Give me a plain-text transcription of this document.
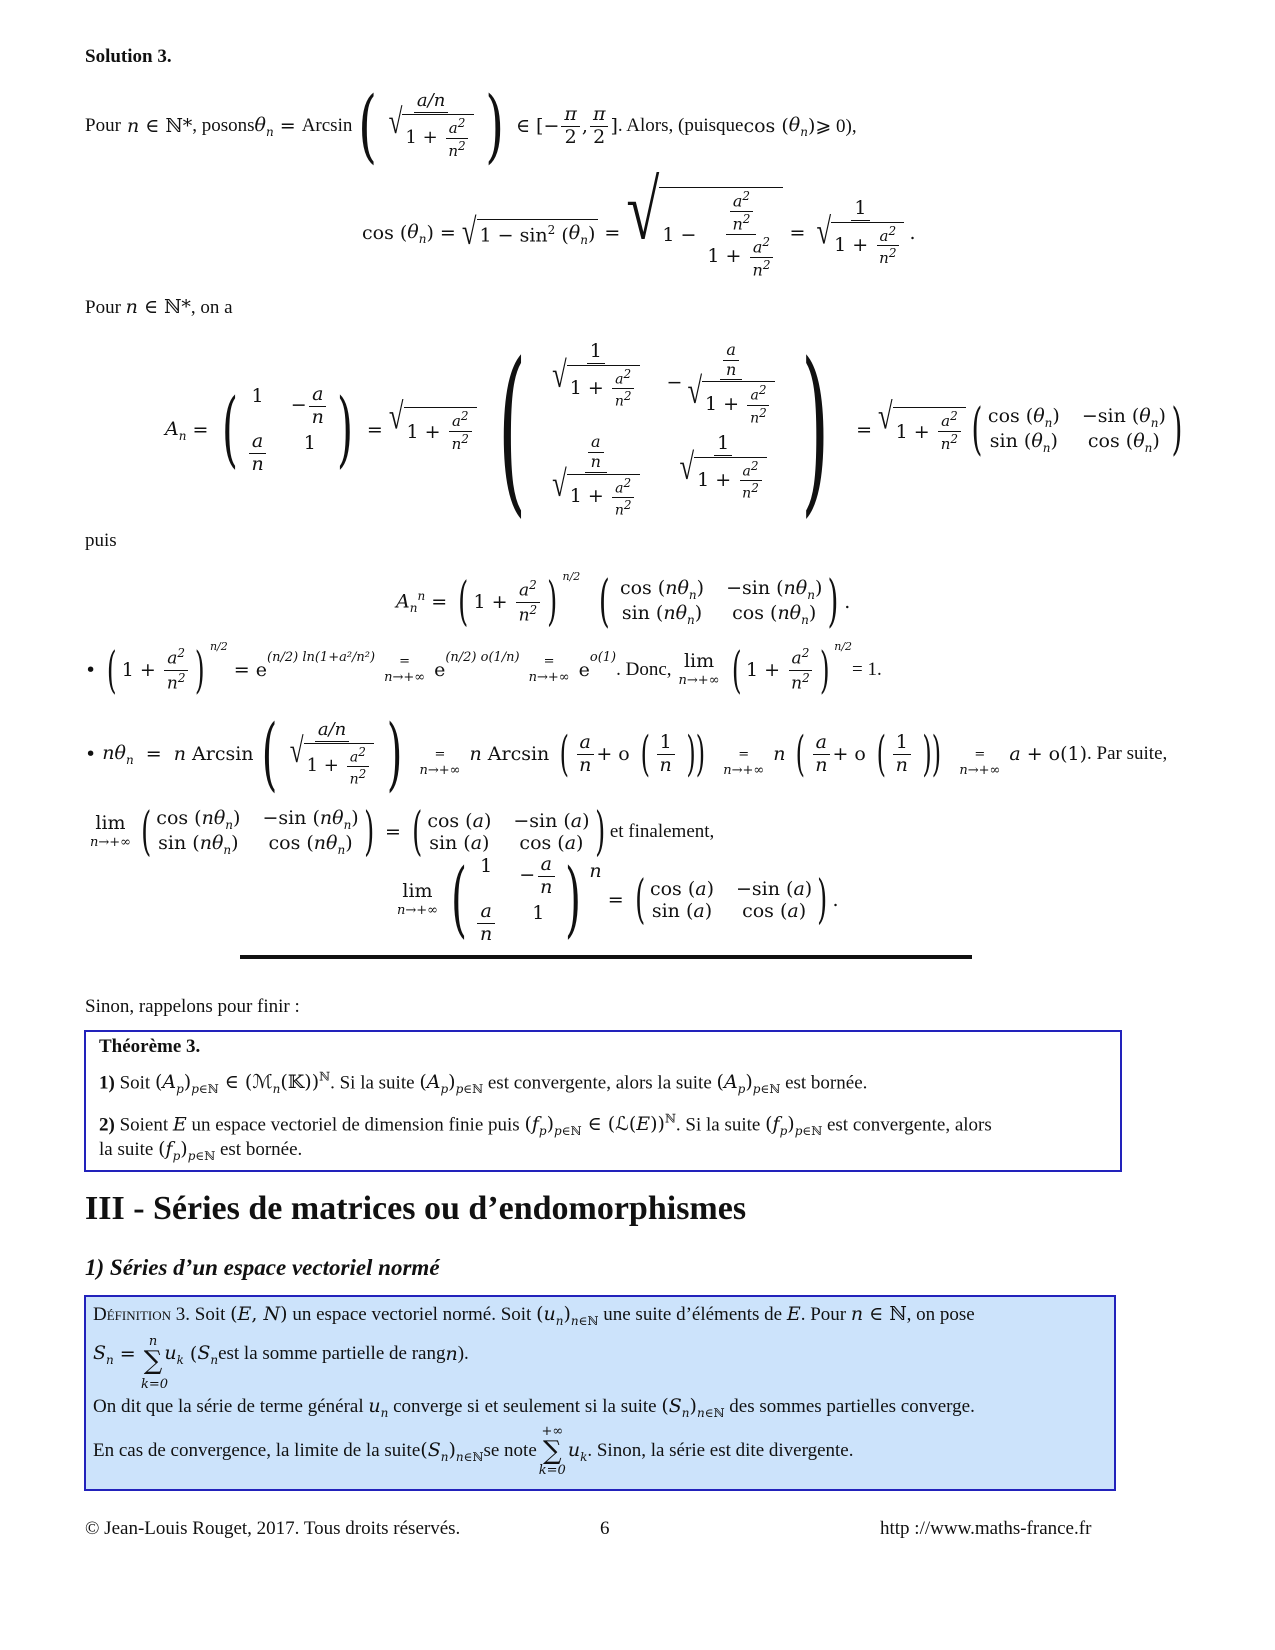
Solution 3.
Pour n ∈ ℕ* , posons $\theta_n = Arcsin$ ( $\frac{a/n}{√ 1 + \frac{a^2}{n^2}}$ ) ∈ [− $\frac{\pi}{2}$ , $\frac{\pi}{2}$ ] . Alors, (puisque cos ( $\theta_n$ ) ⩾ 0),
cos ( $\theta_n$ ) = √ $1 - \sin^2$ ( $\theta_n$ ) = √ $1 - \frac{\frac{a^2}{n^2}}{1 + \frac{a^2}{n^2}} = \frac{1}{√ 1 + \frac{a^2}{n^2}}$ .
Pour n ∈ ℕ*, on a
$A_n$ = ( $1 - \frac{a}{n}$
$\frac{a}{n}$	1 ) = √ $1 + \frac{a^2}{n^2}$ ( $\frac{1}{√ 1 + \frac{a^2}{n^2}} - \frac{\frac{a}{n}}{√ 1 + \frac{a^2}{n^2}}$
$\frac{\frac{a}{n}}{√ 1 + \frac{a^2}{n^2}} \frac{1}{√ 1 + \frac{a^2}{n^2}}$ ) = √ $1 + \frac{a^2}{n^2}$ ( $\cos (\theta_n) -\sin$ $(\theta_n)$
$\sin (\theta_n)$	$\cos (\theta_n)$ )
puis
$A_n^n$ = ( $1 + \frac{a^2}{n^2}$ ) n/2 ( $\cos (n\theta_n) -\sin$ $(n\theta_n)$
$\sin (n\theta_n)$	$\cos (n\theta_n)$ ) .
• ( $1 + \frac{a^2}{n^2}$ ) n/2
= e
(n/2) ln(1+a²/n²) =
n→+∞ e
(n/2) o(1/n) =
n→+∞ e
o(1)
. Donc, lim
n→+∞ ( $1 + \frac{a^2}{n^2}$ ) n/2
= 1.
• $n\theta_n = n$ Arcsin ( $\frac{a/n}{√ 1 + \frac{a^2}{n^2}}$ ) =
n→+∞
n Arcsin ( $\frac{a}{n} + o$ ( $\frac{1}{n}$ ))	=
n→+∞
n ( $\frac{a}{n} + o$ ( $\frac{1}{n}$ ))	=
n→+∞
a + o(1) . Par suite,
lim
n→+∞ ( $\cos (n\theta_n) -\sin$ $(n\theta_n)$
$\sin (n\theta_n)$	$\cos (n\theta_n)$ ) = ( cos (a) −sin (a)
sin (a)	cos (a) ) et finalement,
lim
n→+∞ ( $1 - \frac{a}{n}$
$\frac{a}{n}$	1 ) n
= ( cos (a) −sin (a)
sin (a)	cos (a) ) .
Sinon, rappelons pour finir :
Théorème 3.
1) Soit $(A_p)_{p\in ℕ}$ ∈ (ℳ$_n$(𝕂))$^ℕ$. Si la suite $(A_p)_{p\in ℕ}$ est convergente, alors la suite $(A_p)_{p\in ℕ}$ est bornée.
2) Soient E un espace vectoriel de dimension finie puis $(f_p)_{p\in ℕ}$ ∈ (ℒ(E))$^ℕ$. Si la suite $(f_p)_{p\in ℕ}$ est convergente, alors
la suite $(f_p)_{p\in ℕ}$ est bornée.
III - Séries de matrices ou d’endomorphismes
1) Séries d’un espace vectoriel normé
Définition 3. Soit (E, N) un espace vectoriel normé. Soit $(u_n)_{n\in ℕ}$ une suite d’éléments de E. Pour n ∈ ℕ, on pose
$S_n$ =
n
∑ $u_k$ ( $S_n$ est la somme partielle de rang n ).
k=0
On dit que la série de terme général $u_n$ converge si et seulement si la suite $(S_n)_{n\in ℕ}$ des sommes partielles converge.
En cas de convergence, la limite de la suite $(S_n)_{n\in ℕ}$ se note
+∞
∑
k=0
$u_k$ . Sinon, la série est dite divergente.
© Jean-Louis Rouget, 2017. Tous droits réservés.	6	http ://www.maths-france.fr
